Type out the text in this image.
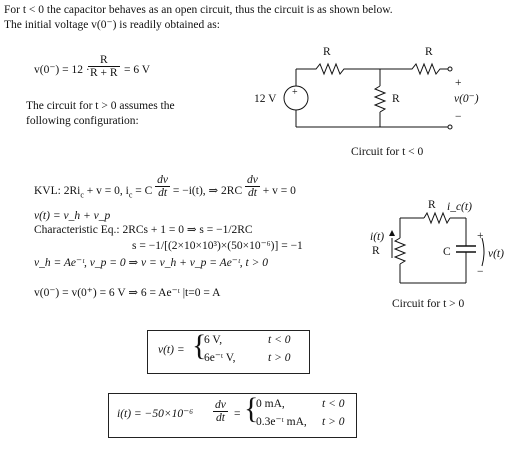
For t < 0 the capacitor behaves as an open circuit, thus the circuit is as shown below.
The initial voltage v(0⁻) is readily obtained as:
v(0⁻) = 12 ·
$\frac{R}{R + R} = 6$ V
The circuit for t > 0 assumes the
following configuration:
R	R
R
12 V
+
+
−
v(0⁻)
Circuit for t < 0
KVL: $2Ri_c + v = 0$, $i_c = C \frac{dv}{dt} = -i(t)$, ⇒ $2RC \frac{dv}{dt} + v = 0$
v(t) = v_h + v_p
Characteristic Eq.: 2RCs + 1 = 0 ⇒ s = −1/2RC
s = −1/[(2×10×10³)×(50×10⁻⁶)] = −1
v_h = Ae⁻ᵗ, v_p = 0 ⇒ v = v_h + v_p = Ae⁻ᵗ, t > 0
v(0⁻) = v(0⁺) = 6 V ⇒ 6 = Ae⁻ᵗ |t=0 = A
R i_c(t)
i(t)
R	C
+
−
v(t)
Circuit for t > 0
v(t) = {
6 V,	t < 0
6e⁻ᵗ V,	t > 0
$i(t) = -50\times 10^{-6} \frac{dv}{dt}$ = {
0 mA,	t < 0
0.3e⁻ᵗ mA, t > 0
